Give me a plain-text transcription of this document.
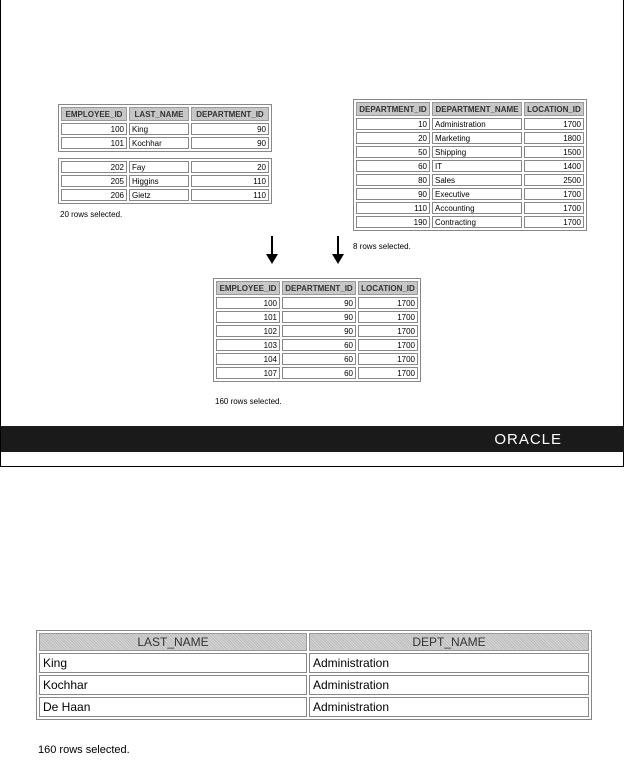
EMPLOYEE_ID	LAST_NAME	DEPARTMENT_ID
100	King	90
101	Kochhar	90
202	Fay	20
205	Higgins	110
206	Gietz	110
20 rows selected.
DEPARTMENT_ID	DEPARTMENT_NAME	LOCATION_ID
10	Administration	1700
20	Marketing	1800
50	Shipping	1500
60	IT	1400
80	Sales	2500
90	Executive	1700
110	Accounting	1700
190	Contracting	1700
8 rows selected.
EMPLOYEE_ID	DEPARTMENT_ID	LOCATION_ID
100	90	1700
101	90	1700
102	90	1700
103	60	1700
104	60	1700
107	60	1700
160 rows selected.
ORACLE
LAST_NAME	DEPT_NAME
King	Administration
Kochhar	Administration
De Haan	Administration
160 rows selected.
